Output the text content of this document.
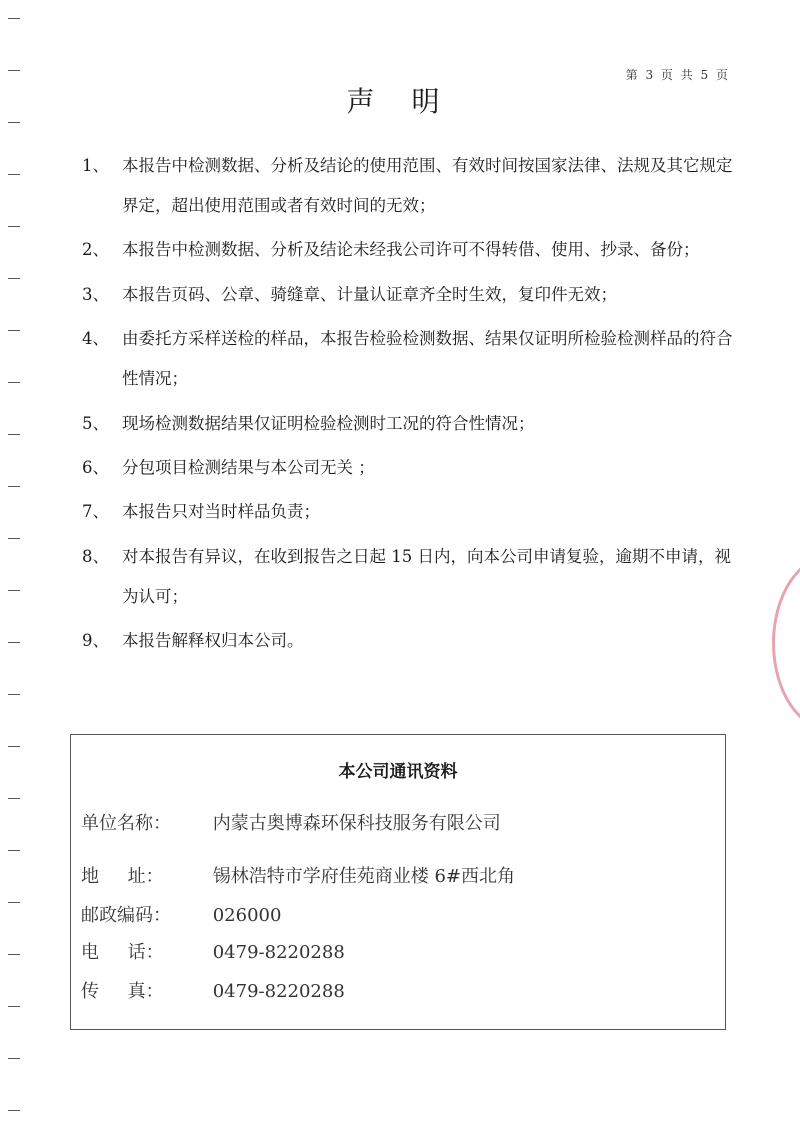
第 3 页 共 5 页
声 明
1、 本报告中检测数据、分析及结论的使用范围、有效时间按国家法律、法规及其它规定界定，超出使用范围或者有效时间的无效；
2、 本报告中检测数据、分析及结论未经我公司许可不得转借、使用、抄录、备份；
3、 本报告页码、公章、骑缝章、计量认证章齐全时生效，复印件无效；
4、 由委托方采样送检的样品，本报告检验检测数据、结果仅证明所检验检测样品的符合性情况；
5、 现场检测数据结果仅证明检验检测时工况的符合性情况；
6、 分包项目检测结果与本公司无关 ；
7、 本报告只对当时样品负责；
8、 对本报告有异议，在收到报告之日起 15 日内，向本公司申请复验，逾期不申请，视为认可；
9、 本报告解释权归本公司。
本公司通讯资料
单位名称： 内蒙古奥博森环保科技服务有限公司
地     址：	锡林浩特市学府佳苑商业楼 6#西北角
邮政编码： 026000
电     话：	0479-8220288
传     真：	0479-8220288
